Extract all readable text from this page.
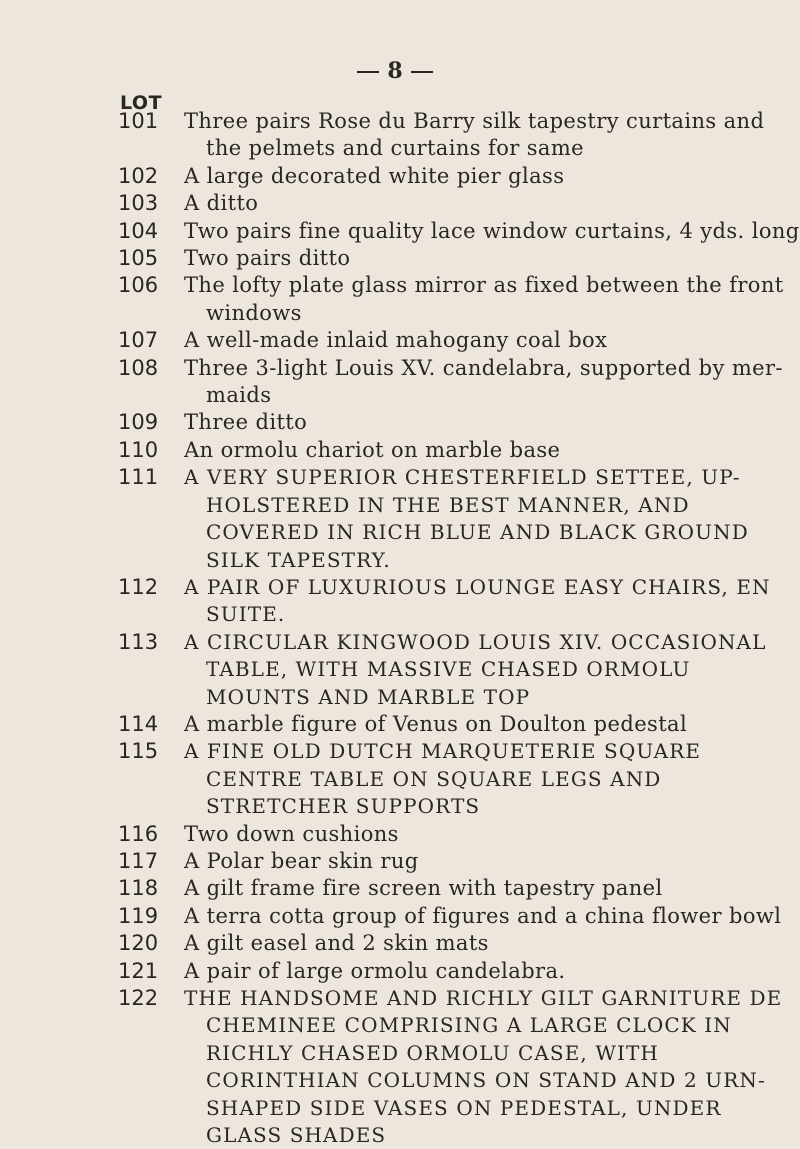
8
LOT
101 Three pairs Rose du Barry silk tapestry curtains and the pelmets and curtains for same
102 A large decorated white pier glass
103 A ditto
104 Two pairs fine quality lace window curtains, 4 yds. long
105 Two pairs ditto
106 The lofty plate glass mirror as fixed between the front windows
107 A well-made inlaid mahogany coal box
108 Three 3-light Louis XV. candelabra, supported by mer-maids
109 Three ditto
110 An ormolu chariot on marble base
111 A VERY SUPERIOR CHESTERFIELD SETTEE, UP-HOLSTERED IN THE BEST MANNER, AND COVERED IN RICH BLUE AND BLACK GROUND SILK TAPESTRY.
112 A PAIR OF LUXURIOUS LOUNGE EASY CHAIRS, EN SUITE.
113 A CIRCULAR KINGWOOD LOUIS XIV. OCCASIONAL TABLE, WITH MASSIVE CHASED ORMOLU MOUNTS AND MARBLE TOP
114 A marble figure of Venus on Doulton pedestal
115 A FINE OLD DUTCH MARQUETERIE SQUARE CENTRE TABLE ON SQUARE LEGS AND STRETCHER SUPPORTS
116 Two down cushions
117 A Polar bear skin rug
118 A gilt frame fire screen with tapestry panel
119 A terra cotta group of figures and a china flower bowl
120 A gilt easel and 2 skin mats
121 A pair of large ormolu candelabra.
122 THE HANDSOME AND RICHLY GILT GARNITURE DE CHEMINEE COMPRISING A LARGE CLOCK IN RICHLY CHASED ORMOLU CASE, WITH CORINTHIAN COLUMNS ON STAND AND 2 URN-SHAPED SIDE VASES ON PEDESTAL, UNDER GLASS SHADES
